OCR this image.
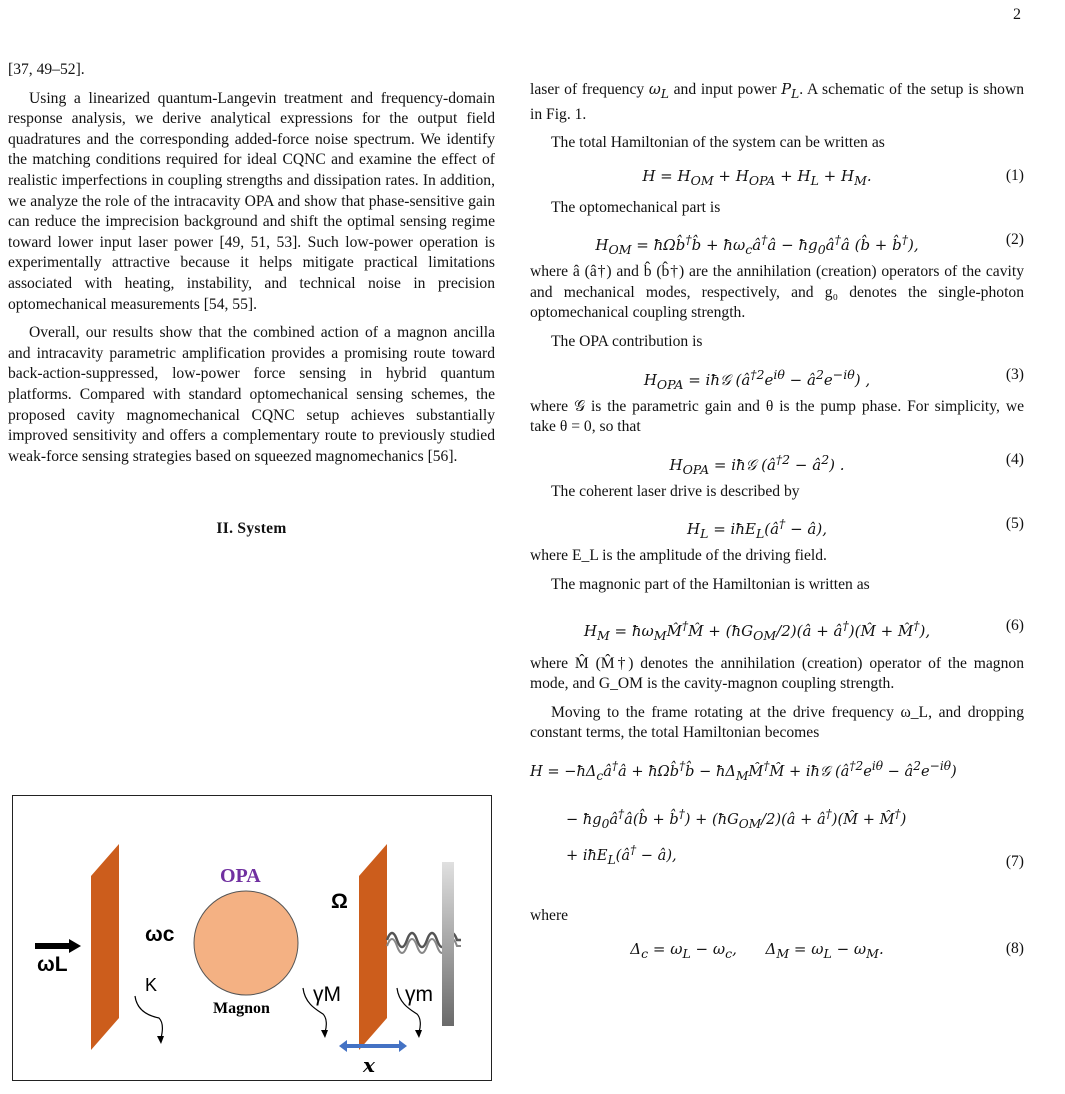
2

[37, 49–52].

Using a linearized quantum-Langevin treatment and frequency-domain response analysis, we derive analytical expressions for the output field quadratures and the corresponding added-force noise spectrum. We identify the matching conditions required for ideal CQNC and examine the effect of realistic imperfections in coupling strengths and dissipation rates. In addition, we analyze the role of the intracavity OPA and show that phase-sensitive gain can reduce the imprecision background and shift the optimal sensing regime toward lower input laser power [49, 51, 53]. Such low-power operation is experimentally attractive because it helps mitigate practical limitations associated with heating, instability, and technical noise in precision optomechanical measurements [54, 55].

Overall, our results show that the combined action of a magnon ancilla and intracavity parametric amplification provides a promising route toward back-action-suppressed, low-power force sensing in hybrid quantum platforms. Compared with standard optomechanical sensing schemes, the proposed cavity magnomechanical CQNC setup achieves substantially improved sensitivity and offers a complementary route to previously studied weak-force sensing strategies based on squeezed magnomechanics [56].

II. System
ωL
ωc
K
OPA
Magnon
γM
Ω
γm
x

laser of frequency $\omega_L$ and input power $P_L$. A schematic of the setup is shown in Fig. 1.

The total Hamiltonian of the system can be written as

$H = H_{OM} + H_{OPA} + H_L + H_M$.	(1)

The optomechanical part is

$H_{OM}$ = ħΩb̂†b̂ + $ħ\omega_câ^\dagger â$ − $ħg_0â^\dagger â$ (b̂ + b̂†),	(2)

where â (â†) and b̂ (b̂†) are the annihilation (creation) operators of the cavity and mechanical modes, respectively, and g₀ denotes the single-photon optomechanical coupling strength.

The OPA contribution is

$H_{OPA}$ = iħ𝒢 ($â^{\dagger 2}e^{i\theta}$ − $â^2e^{-i\theta}$) ,	(3)

where 𝒢 is the parametric gain and θ is the pump phase. For simplicity, we take θ = 0, so that

$H_{OPA}$ = iħ𝒢 ($â^{\dagger 2}$ − $â^2$) .	(4)

The coherent laser drive is described by

$H_L$ = iħE$_L$(â† − â),	(5)

where E_L is the amplitude of the driving field.

The magnonic part of the Hamiltonian is written as

$H_M$ = $ħ\omega_MM̂^\dagger M̂$ + $(ħG_{OM}/2)(â$ + â†)(M̂ + M̂†),	(6)

where M̂ (M̂†) denotes the annihilation (creation) operator of the magnon mode, and G_OM is the cavity-magnon coupling strength.

Moving to the frame rotating at the drive frequency ω_L, and dropping constant terms, the total Hamiltonian becomes

$H = -ħ\Delta_câ^\dagger â$ + ħΩb̂†b̂ − $ħ\Delta_MM̂^\dagger M̂$ + iħ𝒢 ($â^{\dagger 2}e^{i\theta}$ − $â^2e^{-i\theta}$)
− $ħg_0â^\dagger â(b̂$ + b̂†) + $(ħG_{OM}/2)(â$ + â†)(M̂ + M̂†)
+ iħE$_L$(â† − â),	(7)

where

$\Delta_c = \omega_L - \omega_c$,      $\Delta_M = \omega_L - \omega_M$.	(8)
